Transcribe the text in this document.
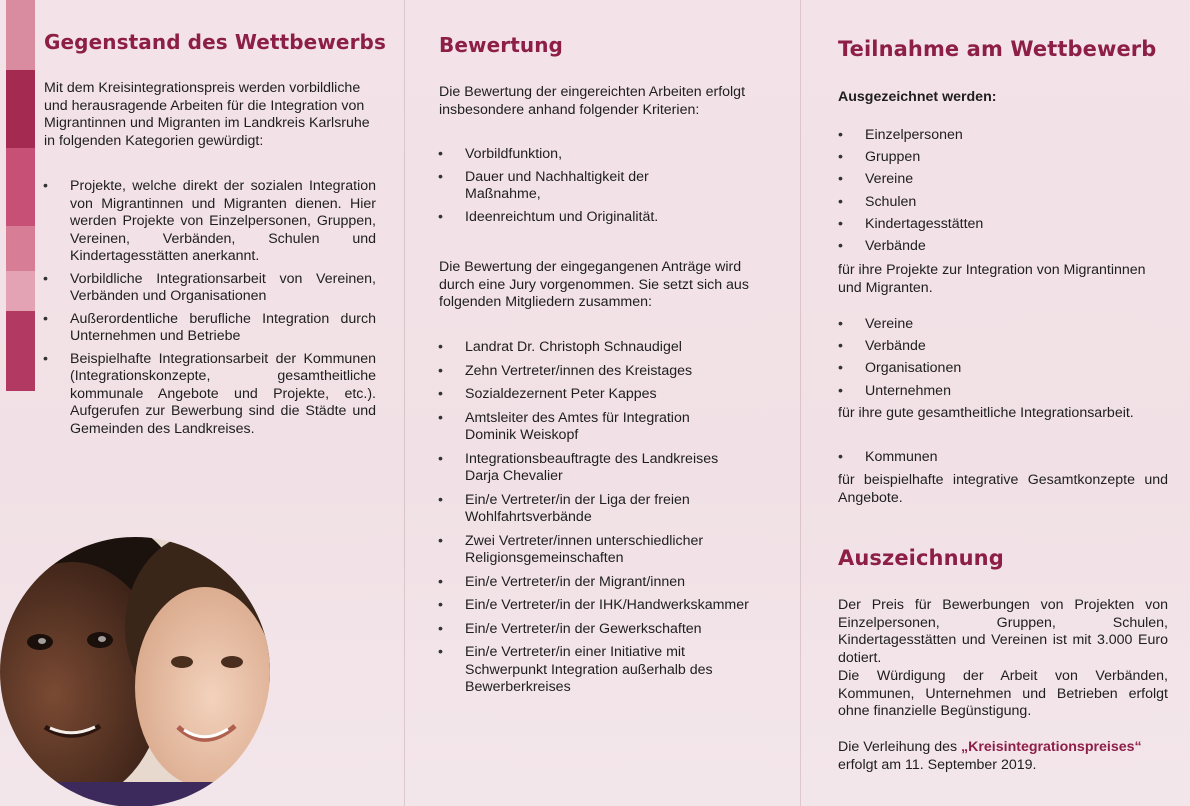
Gegenstand des Wettbewerbs

Mit dem Kreisintegrationspreis werden vorbildliche und herausragende Arbeiten für die Integration von Migrantinnen und Migranten im Landkreis Karlsruhe in folgenden Kategorien gewürdigt:

• Projekte, welche direkt der sozialen Integration von Migrantinnen und Migranten dienen. Hier werden Projekte von Einzelpersonen, Gruppen, Vereinen, Verbänden, Schulen und Kindertagesstätten anerkannt.
• Vorbildliche Integrationsarbeit von Vereinen, Verbänden und Organisationen
• Außerordentliche berufliche Integration durch Unternehmen und Betriebe
• Beispielhafte Integrationsarbeit der Kommunen (Integrationskonzepte, gesamtheitliche kommunale Angebote und Projekte, etc.). Aufgerufen zur Bewerbung sind die Städte und Gemeinden des Landkreises.
Bewertung

Die Bewertung der eingereichten Arbeiten erfolgt insbesondere anhand folgender Kriterien:

• Vorbildfunktion,
• Dauer und Nachhaltigkeit der Maßnahme,
• Ideenreichtum und Originalität.

Die Bewertung der eingegangenen Anträge wird durch eine Jury vorgenommen. Sie setzt sich aus folgenden Mitgliedern zusammen:

• Landrat Dr. Christoph Schnaudigel
• Zehn Vertreter/innen des Kreistages
• Sozialdezernent Peter Kappes
• Amtsleiter des Amtes für Integration Dominik Weiskopf
• Integrationsbeauftragte des Landkreises Darja Chevalier
• Ein/e Vertreter/in der Liga der freien Wohlfahrtsverbände
• Zwei Vertreter/innen unterschiedlicher Religionsgemeinschaften
• Ein/e Vertreter/in der Migrant/innen
• Ein/e Vertreter/in der IHK/Handwerkskammer
• Ein/e Vertreter/in der Gewerkschaften
• Ein/e Vertreter/in einer Initiative mit Schwerpunkt Integration außerhalb des Bewerberkreises
Teilnahme am Wettbewerb
Ausgezeichnet werden:
• Einzelpersonen
• Gruppen
• Vereine
• Schulen
• Kindertagesstätten
• Verbände

für ihre Projekte zur Integration von Migrantinnen und Migranten.

• Vereine
• Verbände
• Organisationen
• Unternehmen

für ihre gute gesamtheitliche Integrationsarbeit.

• Kommunen

für beispielhafte integrative Gesamtkonzepte und Angebote.

Auszeichnung

Der Preis für Bewerbungen von Projekten von Einzelpersonen, Gruppen, Schulen, Kindertagesstätten und Vereinen ist mit 3.000 Euro dotiert.

Die Würdigung der Arbeit von Verbänden, Kommunen, Unternehmen und Betrieben erfolgt ohne finanzielle Begünstigung.

Die Verleihung des „Kreisintegrationspreises“
erfolgt am 11. September 2019.
